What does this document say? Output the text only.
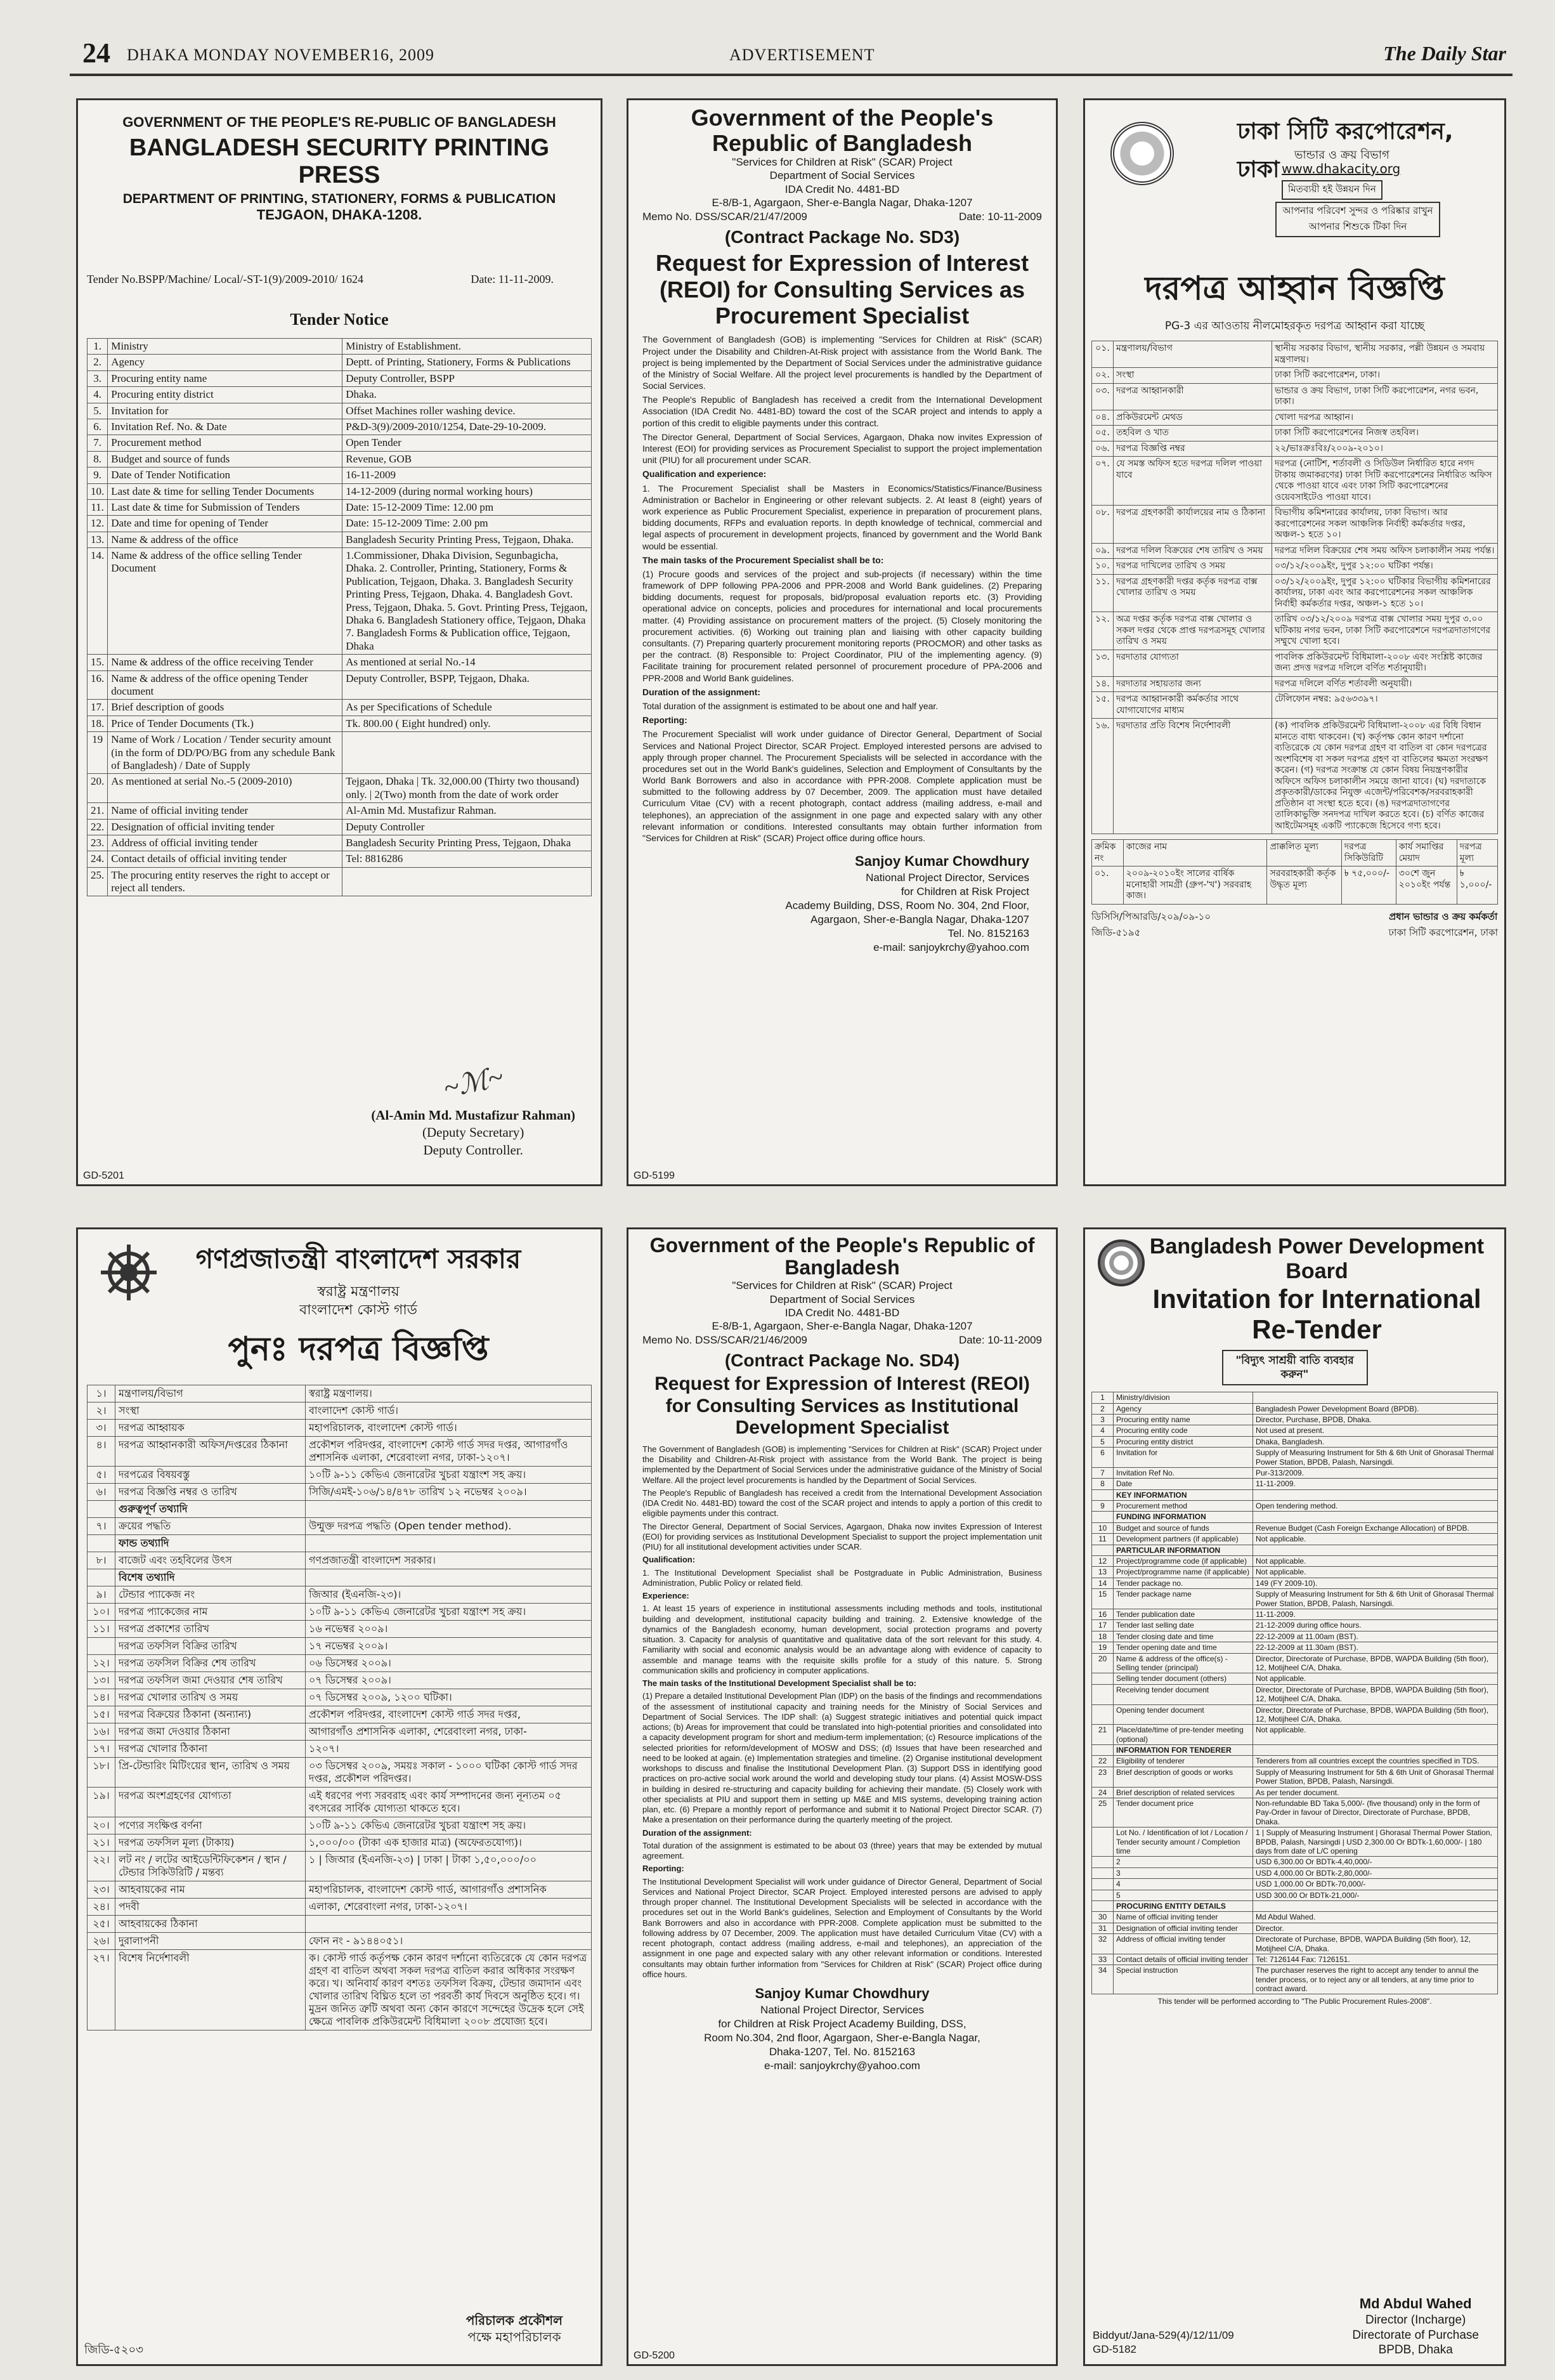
24 DHAKA MONDAY NOVEMBER16, 2009	ADVERTISEMENT	The Daily Star
GOVERNMENT OF THE PEOPLE'S RE-PUBLIC OF BANGLADESH
BANGLADESH SECURITY PRINTING PRESS
DEPARTMENT OF PRINTING, STATIONERY, FORMS & PUBLICATION
TEJGAON, DHAKA-1208.
Tender No.BSPP/Machine/ Local/-ST-1(9)/2009-2010/ 1624	Date: 11-11-2009.
Tender Notice
1.	Ministry	Ministry of Establishment.
2.	Agency	Deptt. of Printing, Stationery, Forms & Publications
3.	Procuring entity name	Deputy Controller, BSPP
4.	Procuring entity district	Dhaka.
5.	Invitation for	Offset Machines roller washing device.
6.	Invitation Ref. No. & Date	P&D-3(9)/2009-2010/1254, Date-29-10-2009.
7.	Procurement method	Open Tender
8.	Budget and source of funds	Revenue, GOB
9.	Date of Tender Notification	16-11-2009
10.	Last date & time for selling Tender Documents	14-12-2009 (during normal working hours)
11.	Last date & time for Submission of Tenders	Date: 15-12-2009 Time: 12.00 pm
12.	Date and time for opening of Tender	Date: 15-12-2009 Time: 2.00 pm
13.	Name & address of the office	Bangladesh Security Printing Press, Tejgaon, Dhaka.
14.	Name & address of the office selling Tender Document	1.Commissioner, Dhaka Division, Segunbagicha, Dhaka. 2. Controller, Printing, Stationery, Forms & Publication, Tejgaon, Dhaka. 3. Bangladesh Security Printing Press, Tejgaon, Dhaka. 4. Bangladesh Govt. Press, Tejgaon, Dhaka. 5. Govt. Printing Press, Tejgaon, Dhaka 6. Bangladesh Stationery office, Tejgaon, Dhaka 7. Bangladesh Forms & Publication office, Tejgaon, Dhaka
15.	Name & address of the office receiving Tender	As mentioned at serial No.-14
16.	Name & address of the office opening Tender document	Deputy Controller, BSPP, Tejgaon, Dhaka.
17.	Brief description of goods	As per Specifications of Schedule
18.	Price of Tender Documents (Tk.)	Tk. 800.00 ( Eight hundred) only.
19	Name of Work / Location / Tender security amount (in the form of DD/PO/BG from any schedule Bank of Bangladesh) / Date of Supply	
20.	As mentioned at serial No.-5 (2009-2010)	Tejgaon, Dhaka | Tk. 32,000.00 (Thirty two thousand) only. | 2(Two) month from the date of work order
21.	Name of official inviting tender	Al-Amin Md. Mustafizur Rahman.
22.	Designation of official inviting tender	Deputy Controller
23.	Address of official inviting tender	Bangladesh Security Printing Press, Tejgaon, Dhaka
24.	Contact details of official inviting tender	Tel: 8816286
25.	The procuring entity reserves the right to accept or reject all tenders.	
~ℳ~
(Al-Amin Md. Mustafizur Rahman)
(Deputy Secretary)
Deputy Controller.
GD-5201
Government of the People's Republic of Bangladesh
"Services for Children at Risk" (SCAR) Project
Department of Social Services
IDA Credit No. 4481-BD
E-8/B-1, Agargaon, Sher-e-Bangla Nagar, Dhaka-1207
Memo No. DSS/SCAR/21/47/2009	Date: 10-11-2009
(Contract Package No. SD3)
Request for Expression of Interest (REOI) for Consulting Services as Procurement Specialist

The Government of Bangladesh (GOB) is implementing "Services for Children at Risk" (SCAR) Project under the Disability and Children-At-Risk project with assistance from the World Bank. The project is being implemented by the Department of Social Services under the administrative guidance of the Ministry of Social Welfare. All the project level procurements is handled by the Department of Social Services.

The People's Republic of Bangladesh has received a credit from the International Development Association (IDA Credit No. 4481-BD) toward the cost of the SCAR project and intends to apply a portion of this credit to eligible payments under this contract.

The Director General, Department of Social Services, Agargaon, Dhaka now invites Expression of Interest (EOI) for providing services as Procurement Specialist to support the project implementation unit (PIU) for all procurement under SCAR.

Qualification and experience:

1. The Procurement Specialist shall be Masters in Economics/Statistics/Finance/Business Administration or Bachelor in Engineering or other relevant subjects. 2. At least 8 (eight) years of work experience as Public Procurement Specialist, experience in preparation of procurement plans, bidding documents, RFPs and evaluation reports. In depth knowledge of technical, commercial and legal aspects of procurement in development projects, financed by government and the World Bank would be essential.

The main tasks of the Procurement Specialist shall be to:

(1) Procure goods and services of the project and sub-projects (if necessary) within the time framework of DPP following PPA-2006 and PPR-2008 and World Bank guidelines. (2) Preparing bidding documents, request for proposals, bid/proposal evaluation reports etc. (3) Providing operational advice on concepts, policies and procedures for international and local procurements matter. (4) Providing assistance on procurement matters of the project. (5) Closely monitoring the procurement activities. (6) Working out training plan and liaising with other capacity building consultants. (7) Preparing quarterly procurement monitoring reports (PROCMOR) and other tasks as per the contract. (8) Responsible to: Project Coordinator, PIU of the implementing agency. (9) Facilitate training for procurement related personnel of procurement procedure of PPA-2006 and PPR-2008 and World Bank guidelines.

Duration of the assignment:

Total duration of the assignment is estimated to be about one and half year.

Reporting:

The Procurement Specialist will work under guidance of Director General, Department of Social Services and National Project Director, SCAR Project. Employed interested persons are advised to apply through proper channel. The Procurement Specialists will be selected in accordance with the procedures set out in the World Bank's guidelines, Selection and Employment of Consultants by the World Bank Borrowers and also in accordance with PPR-2008. Complete application must be submitted to the following address by 07 December, 2009. The application must have detailed Curriculum Vitae (CV) with a recent photograph, contact address (mailing address, e-mail and telephones), an appreciation of the assignment in one page and expected salary with any other relevant information or conditions. Interested consultants may obtain further information from "Services for Children at Risk" (SCAR) Project office during office hours.

Sanjoy Kumar Chowdhury
National Project Director, Services
for Children at Risk Project
Academy Building, DSS, Room No. 304, 2nd Floor,
Agargaon, Sher-e-Bangla Nagar, Dhaka-1207
Tel. No. 8152163
e-mail: sanjoykrchy@yahoo.com
GD-5199
ঢাকা সিটি করপোরেশন, ঢাকা
ভান্ডার ও ক্রয় বিভাগ
www.dhakacity.org
মিতব্যয়ী হই উন্নয়ন দিন
আপনার পরিবেশ সুন্দর ও পরিষ্কার রাখুন
আপনার শিশুকে টিকা দিন
দরপত্র আহ্বান বিজ্ঞপ্তি
PG-3 এর আওতায় নীলমোহরকৃত দরপত্র আহ্বান করা যাচ্ছে
০১.	মন্ত্রণালয়/বিভাগ	স্থানীয় সরকার বিভাগ, স্থানীয় সরকার, পল্লী উন্নয়ন ও সমবায় মন্ত্রণালয়।
০২.	সংস্থা	ঢাকা সিটি করপোরেশন, ঢাকা।
০৩.	দরপত্র আহ্বানকারী	ভান্ডার ও ক্রয় বিভাগ, ঢাকা সিটি করপোরেশন, নগর ভবন, ঢাকা।
০৪.	প্রকিউরমেন্ট মেথড	খোলা দরপত্র আহ্বান।
০৫.	তহবিল ও খাত	ঢাকা সিটি করপোরেশনের নিজস্ব তহবিল।
০৬.	দরপত্র বিজ্ঞপ্তি নম্বর	২২/ভাঃক্রঃবিঃ/২০০৯-২০১০।
০৭.	যে সমস্ত অফিস হতে দরপত্র দলিল পাওয়া যাবে	দরপত্র (নোটিশ, শর্তাবলী ও সিডিউল নির্ধারিত হারে নগদ টাকায় জমাকরণের) ঢাকা সিটি করপোরেশনের নির্ধারিত অফিস থেকে পাওয়া যাবে এবং ঢাকা সিটি করপোরেশনের ওয়েবসাইটেও পাওয়া যাবে।
০৮.	দরপত্র গ্রহণকারী কার্যালয়ের নাম ও ঠিকানা	বিভাগীয় কমিশনারের কার্যালয়, ঢাকা বিভাগ। আর করপোরেশনের সকল আঞ্চলিক নির্বাহী কর্মকর্তার দপ্তর, অঞ্চল-১ হতে ১০।
০৯.	দরপত্র দলিল বিক্রয়ের শেষ তারিখ ও সময়	দরপত্র দলিল বিক্রয়ের শেষ সময় অফিস চলাকালীন সময় পর্যন্ত।
১০.	দরপত্র দাখিলের তারিখ ও সময়	০৩/১২/২০০৯ইং, দুপুর ১২:০০ ঘটিকা পর্যন্ত।
১১.	দরপত্র গ্রহণকারী দপ্তর কর্তৃক দরপত্র বাক্স খোলার তারিখ ও সময়	০৩/১২/২০০৯ইং, দুপুর ১২:০০ ঘটিকার বিভাগীয় কমিশনারের কার্যালয়, ঢাকা এবং আর করপোরেশনের সকল আঞ্চলিক নির্বাহী কর্মকর্তার দপ্তর, অঞ্চল-১ হতে ১০।
১২.	অত্র দপ্তর কর্তৃক দরপত্র বাক্স খোলার ও সকল দপ্তর থেকে প্রাপ্ত দরপত্রসমূহ খোলার তারিখ ও সময়	তারিখ ০৩/১২/২০০৯ দরপত্র বাক্স খোলার সময় দুপুর ৩.০০ ঘটিকায় নগর ভবন, ঢাকা সিটি করপোরেশনে দরপত্রদাতাগণের সম্মুখে খোলা হবে।
১৩.	দরদাতার যোগ্যতা	পাবলিক প্রকিউরমেন্ট বিধিমালা-২০০৮ এবং সংশ্লিষ্ট কাজের জন্য প্রদত্ত দরপত্র দলিলে বর্ণিত শর্তানুযায়ী।
১৪.	দরদাতার সহায়তার জন্য	দরপত্র দলিলে বর্ণিত শর্তাবলী অনুযায়ী।
১৫.	দরপত্র আহ্বানকারী কর্মকর্তার সাথে যোগাযোগের মাধ্যম	টেলিফোন নম্বর: ৯৫৬৩৩৯৭।
১৬.	দরদাতার প্রতি বিশেষ নির্দেশাবলী	(ক) পাবলিক প্রকিউরমেন্ট বিধিমালা-২০০৮ এর বিধি বিধান মানতে বাধ্য থাকবেন। (খ) কর্তৃপক্ষ কোন কারণ দর্শানো ব্যতিরেকে যে কোন দরপত্র গ্রহণ বা বাতিল বা কোন দরপত্রের অংশবিশেষ বা সকল দরপত্র গ্রহণ বা বাতিলের ক্ষমতা সংরক্ষণ করেন। (গ) দরপত্র সংক্রান্ত যে কোন বিষয় নিয়ন্ত্রণকারীর অফিসে অফিস চলাকালীন সময়ে জানা যাবে। (ঘ) দরদাতাকে প্রকৃতকারী/ডাকের নিযুক্ত এজেন্ট/পরিবেশক/সরবরাহকারী প্রতিষ্ঠান বা সংস্থা হতে হবে। (ঙ) দরপত্রদাতাগণের তালিকাভুক্তি সনদপত্র দাখিল করতে হবে। (চ) বর্ণিত কাজের আইটেমসমূহ একটি প্যাকেজে হিসেবে গণ্য হবে।
ক্রমিক নং	কাজের নাম	প্রাক্কলিত মূল্য	দরপত্র সিকিউরিটি	কার্য সমাপ্তির মেয়াদ	দরপত্র মূল্য
০১.	২০০৯-২০১০ইং সালের বার্ষিক মনোহারী সামগ্রী (গ্রুপ-'খ') সরবরাহ কাজ।	সরবরাহকারী কর্তৃক উদ্ধৃত মূল্য	৳ ৭৫,০০০/-	৩০শে জুন ২০১০ইং পর্যন্ত	৳ ১,০০০/-
ডিসিসি/পিআরডি/২০৯/০৯-১০
জিডি-৫১৯৫
প্রধান ভান্ডার ও ক্রয় কর্মকর্তা
ঢাকা সিটি করপোরেশন, ঢাকা
গণপ্রজাতন্ত্রী বাংলাদেশ সরকার
স্বরাষ্ট্র মন্ত্রণালয়
বাংলাদেশ কোস্ট গার্ড
পুনঃ দরপত্র বিজ্ঞপ্তি
১।	মন্ত্রণালয়/বিভাগ	স্বরাষ্ট্র মন্ত্রণালয়।
২।	সংস্থা	বাংলাদেশ কোস্ট গার্ড।
৩।	দরপত্র আহ্বায়ক	মহাপরিচালক, বাংলাদেশ কোস্ট গার্ড।
৪।	দরপত্র আহ্বানকারী অফিস/দপ্তরের ঠিকানা	প্রকৌশল পরিদপ্তর, বাংলাদেশ কোস্ট গার্ড সদর দপ্তর, আগারগাঁও প্রশাসনিক এলাকা, শেরেবাংলা নগর, ঢাকা-১২০৭।
৫।	দরপত্রের বিষয়বস্তু	১০টি ৯-১১ কেভিএ জেনারেটর খুচরা যন্ত্রাংশ সহ ক্রয়।
৬।	দরপত্র বিজ্ঞপ্তি নম্বর ও তারিখ	সিজি/এমই-১০৬/১৪/৪৭৮ তারিখ ১২ নভেম্বর ২০০৯।
	গুরুত্বপূর্ণ তথ্যাদি	
৭।	ক্রয়ের পদ্ধতি	উন্মুক্ত দরপত্র পদ্ধতি (Open tender method).
	ফান্ড তথ্যাদি	
৮।	বাজেট এবং তহবিলের উৎস	গণপ্রজাতন্ত্রী বাংলাদেশ সরকার।
	বিশেষ তথ্যাদি	
৯।	টেন্ডার প্যাকেজ নং	জিআর (ইএনজি-২৩)।
১০।	দরপত্র প্যাকেজের নাম	১০টি ৯-১১ কেভিএ জেনারেটর খুচরা যন্ত্রাংশ সহ ক্রয়।
১১।	দরপত্র প্রকাশের তারিখ	১৬ নভেম্বর ২০০৯।
	দরপত্র তফসিল বিক্রির তারিখ	১৭ নভেম্বর ২০০৯।
১২।	দরপত্র তফসিল বিক্রির শেষ তারিখ	০৬ ডিসেম্বর ২০০৯।
১৩।	দরপত্র তফসিল জমা দেওয়ার শেষ তারিখ	০৭ ডিসেম্বর ২০০৯।
১৪।	দরপত্র খোলার তারিখ ও সময়	০৭ ডিসেম্বর ২০০৯, ১২০০ ঘটিকা।
১৫।	দরপত্র বিক্রয়ের ঠিকানা (অন্যান্য)	প্রকৌশল পরিদপ্তর, বাংলাদেশ কোস্ট গার্ড সদর দপ্তর,
১৬।	দরপত্র জমা দেওয়ার ঠিকানা	আগারগাঁও প্রশাসনিক এলাকা, শেরেবাংলা নগর, ঢাকা-
১৭।	দরপত্র খোলার ঠিকানা	১২০৭।
১৮।	প্রি-টেন্ডারিং মিটিংয়ের স্থান, তারিখ ও সময়	০৩ ডিসেম্বর ২০০৯, সময়ঃ সকাল - ১০০০ ঘটিকা কোস্ট গার্ড সদর দপ্তর, প্রকৌশল পরিদপ্তর।
১৯।	দরপত্র অংশগ্রহণের যোগ্যতা	এই ধরণের পণ্য সরবরাহ এবং কার্য সম্পাদনের জন্য নূন্যতম ০৫ বৎসরের সার্বিক যোগ্যতা থাকতে হবে।
২০।	পণ্যের সংক্ষিপ্ত বর্ণনা	১০টি ৯-১১ কেভিএ জেনারেটর খুচরা যন্ত্রাংশ সহ ক্রয়।
২১।	দরপত্র তফসিল মূল্য (টাকায়)	১,০০০/০০ (টাকা এক হাজার মাত্র) (অফেরতযোগ্য)।
২২।	লট নং / লটের আইডেন্টিফিকেশন / স্থান / টেন্ডার সিকিউরিটি / মন্তব্য	১ | জিআর (ইএনজি-২৩) | ঢাকা | টাকা ১,৫০,০০০/০০
২৩।	আহবায়কের নাম	মহাপরিচালক, বাংলাদেশ কোস্ট গার্ড, আগারগাঁও প্রশাসনিক
২৪।	পদবী	এলাকা, শেরেবাংলা নগর, ঢাকা-১২০৭।
২৫।	আহবায়কের ঠিকানা	
২৬।	দুরালাপনী	ফোন নং - ৯১৪৪০৫১।
২৭।	বিশেষ নির্দেশাবলী	ক। কোস্ট গার্ড কর্তৃপক্ষ কোন কারণ দর্শানো ব্যতিরেকে যে কোন দরপত্র গ্রহণ বা বাতিল অথবা সকল দরপত্র বাতিল করার অধিকার সংরক্ষণ করে। খ। অনিবার্য কারণ বশতঃ তফসিল বিক্রয়, টেন্ডার জমাদান এবং খোলার তারিখ বিঘ্নিত হলে তা পরবর্তী কার্য দিবসে অনুষ্ঠিত হবে। গ। মুদ্রন জনিত ত্রুটি অথবা অন্য কোন কারণে সন্দেহের উদ্রেক হলে সেই ক্ষেত্রে পাবলিক প্রকিউরমেন্ট বিধিমালা ২০০৮ প্রযোজ্য হবে।
পরিচালক প্রকৌশল
পক্ষে মহাপরিচালক
জিডি-৫২০৩
Government of the People's Republic of Bangladesh
"Services for Children at Risk" (SCAR) Project
Department of Social Services
IDA Credit No. 4481-BD
E-8/B-1, Agargaon, Sher-e-Bangla Nagar, Dhaka-1207
Memo No. DSS/SCAR/21/46/2009	Date: 10-11-2009
(Contract Package No. SD4)
Request for Expression of Interest (REOI) for Consulting Services as Institutional Development Specialist

The Government of Bangladesh (GOB) is implementing "Services for Children at Risk" (SCAR) Project under the Disability and Children-At-Risk project with assistance from the World Bank. The project is being implemented by the Department of Social Services under the administrative guidance of the Ministry of Social Welfare. All the project level procurements is handled by the Department of Social Services.

The People's Republic of Bangladesh has received a credit from the International Development Association (IDA Credit No. 4481-BD) toward the cost of the SCAR project and intends to apply a portion of this credit to eligible payments under this contract.

The Director General, Department of Social Services, Agargaon, Dhaka now invites Expression of Interest (EOI) for providing services as Institutional Development Specialist to support the project implementation unit (PIU) for all institutional development activities under SCAR.

Qualification:

1. The Institutional Development Specialist shall be Postgraduate in Public Administration, Business Administration, Public Policy or related field.

Experience:

1. At least 15 years of experience in institutional assessments including methods and tools, institutional building and development, institutional capacity building and training. 2. Extensive knowledge of the dynamics of the Bangladesh economy, human development, social protection programs and poverty situation. 3. Capacity for analysis of quantitative and qualitative data of the sort relevant for this study. 4. Familiarity with social and economic analysis would be an advantage along with evidence of capacity to assemble and manage teams with the requisite skills profile for a study of this nature. 5. Strong communication skills and proficiency in computer applications.

The main tasks of the Institutional Development Specialist shall be to:

(1) Prepare a detailed Institutional Development Plan (IDP) on the basis of the findings and recommendations of the assessment of institutional capacity and training needs for the Ministry of Social Services and Department of Social Services. The IDP shall: (a) Suggest strategic initiatives and potential quick impact actions; (b) Areas for improvement that could be translated into high-potential priorities and consolidated into a capacity development program for short and medium-term implementation; (c) Resource implications of the selected priorities for reform/development of MOSW and DSS; (d) Issues that have been researched and need to be looked at again. (e) Implementation strategies and timeline. (2) Organise institutional development workshops to discuss and finalise the Institutional Development Plan. (3) Support DSS in identifying good practices on pro-active social work around the world and developing study tour plans. (4) Assist MOSW-DSS in building in desired re-structuring and capacity building for achieving their mandate. (5) Closely work with other specialists at PIU and support them in setting up M&E and MIS systems, developing training action plan, etc. (6) Prepare a monthly report of performance and submit it to National Project Director SCAR. (7) Make a presentation on their performance during the quarterly meeting of the project.

Duration of the assignment:

Total duration of the assignment is estimated to be about 03 (three) years that may be extended by mutual agreement.

Reporting:

The Institutional Development Specialist will work under guidance of Director General, Department of Social Services and National Project Director, SCAR Project. Employed interested persons are advised to apply through proper channel. The Institutional Development Specialists will be selected in accordance with the procedures set out in the World Bank's guidelines, Selection and Employment of Consultants by the World Bank Borrowers and also in accordance with PPR-2008. Complete application must be submitted to the following address by 07 December, 2009. The application must have detailed Curriculum Vitae (CV) with a recent photograph, contact address (mailing address, e-mail and telephones), an appreciation of the assignment in one page and expected salary with any other relevant information or conditions. Interested consultants may obtain further information from "Services for Children at Risk" (SCAR) Project office during office hours.

Sanjoy Kumar Chowdhury
National Project Director, Services
for Children at Risk Project Academy Building, DSS,
Room No.304, 2nd floor, Agargaon, Sher-e-Bangla Nagar,
Dhaka-1207, Tel. No. 8152163
e-mail: sanjoykrchy@yahoo.com
GD-5200
Bangladesh Power Development Board
Invitation for International Re-Tender
"বিদ্যুৎ সাশ্রয়ী বাতি ব্যবহার করুন"
1	Ministry/division	
2	Agency	Bangladesh Power Development Board (BPDB).
3	Procuring entity name	Director, Purchase, BPDB, Dhaka.
4	Procuring entity code	Not used at present.
5	Procuring entity district	Dhaka, Bangladesh.
6	Invitation for	Supply of Measuring Instrument for 5th & 6th Unit of Ghorasal Thermal Power Station, BPDB, Palash, Narsingdi.
7	Invitation Ref No.	Pur-313/2009.
8	Date	11-11-2009.
	KEY INFORMATION	
9	Procurement method	Open tendering method.
	FUNDING INFORMATION	
10	Budget and source of funds	Revenue Budget (Cash Foreign Exchange Allocation) of BPDB.
11	Development partners (if applicable)	Not applicable.
	PARTICULAR INFORMATION	
12	Project/programme code (if applicable)	Not applicable.
13	Project/programme name (if applicable)	Not applicable.
14	Tender package no.	149 (FY 2009-10).
15	Tender package name	Supply of Measuring Instrument for 5th & 6th Unit of Ghorasal Thermal Power Station, BPDB, Palash, Narsingdi.
16	Tender publication date	11-11-2009.
17	Tender last selling date	21-12-2009 during office hours.
18	Tender closing date and time	22-12-2009 at 11.00am (BST).
19	Tender opening date and time	22-12-2009 at 11.30am (BST).
20	Name & address of the office(s) - Selling tender (principal)	Director, Directorate of Purchase, BPDB, WAPDA Building (5th floor), 12, Motijheel C/A, Dhaka.
	Selling tender document (others)	Not applicable.
	Receiving tender document	Director, Directorate of Purchase, BPDB, WAPDA Building (5th floor), 12, Motijheel C/A, Dhaka.
	Opening tender document	Director, Directorate of Purchase, BPDB, WAPDA Building (5th floor), 12, Motijheel C/A, Dhaka.
21	Place/date/time of pre-tender meeting (optional)	Not applicable.
	INFORMATION FOR TENDERER	
22	Eligibility of tenderer	Tenderers from all countries except the countries specified in TDS.
23	Brief description of goods or works	Supply of Measuring Instrument for 5th & 6th Unit of Ghorasal Thermal Power Station, BPDB, Palash, Narsingdi.
24	Brief description of related services	As per tender document.
25	Tender document price	Non-refundable BD Taka 5,000/- (five thousand) only in the form of Pay-Order in favour of Director, Directorate of Purchase, BPDB, Dhaka.
	Lot No. / Identification of lot / Location / Tender security amount / Completion time	1 | Supply of Measuring Instrument | Ghorasal Thermal Power Station, BPDB, Palash, Narsingdi | USD 2,300.00 Or BDTk-1,60,000/- | 180 days from date of L/C opening
	2	USD 6,300.00 Or BDTk-4,40,000/-
	3	USD 4,000.00 Or BDTk-2,80,000/-
	4	USD 1,000.00 Or BDTk-70,000/-
	5	USD 300.00 Or BDTk-21,000/-
	PROCURING ENTITY DETAILS	
30	Name of official inviting tender	Md Abdul Wahed.
31	Designation of official inviting tender	Director.
32	Address of official inviting tender	Directorate of Purchase, BPDB, WAPDA Building (5th floor), 12, Motijheel C/A, Dhaka.
33	Contact details of official inviting tender	Tel: 7126144 Fax: 7126151.
34	Special instruction	The purchaser reserves the right to accept any tender to annul the tender process, or to reject any or all tenders, at any time prior to contract award.
This tender will be performed according to "The Public Procurement Rules-2008".
Biddyut/Jana-529(4)/12/11/09
GD-5182
Md Abdul Wahed
Director (Incharge)
Directorate of Purchase
BPDB, Dhaka
